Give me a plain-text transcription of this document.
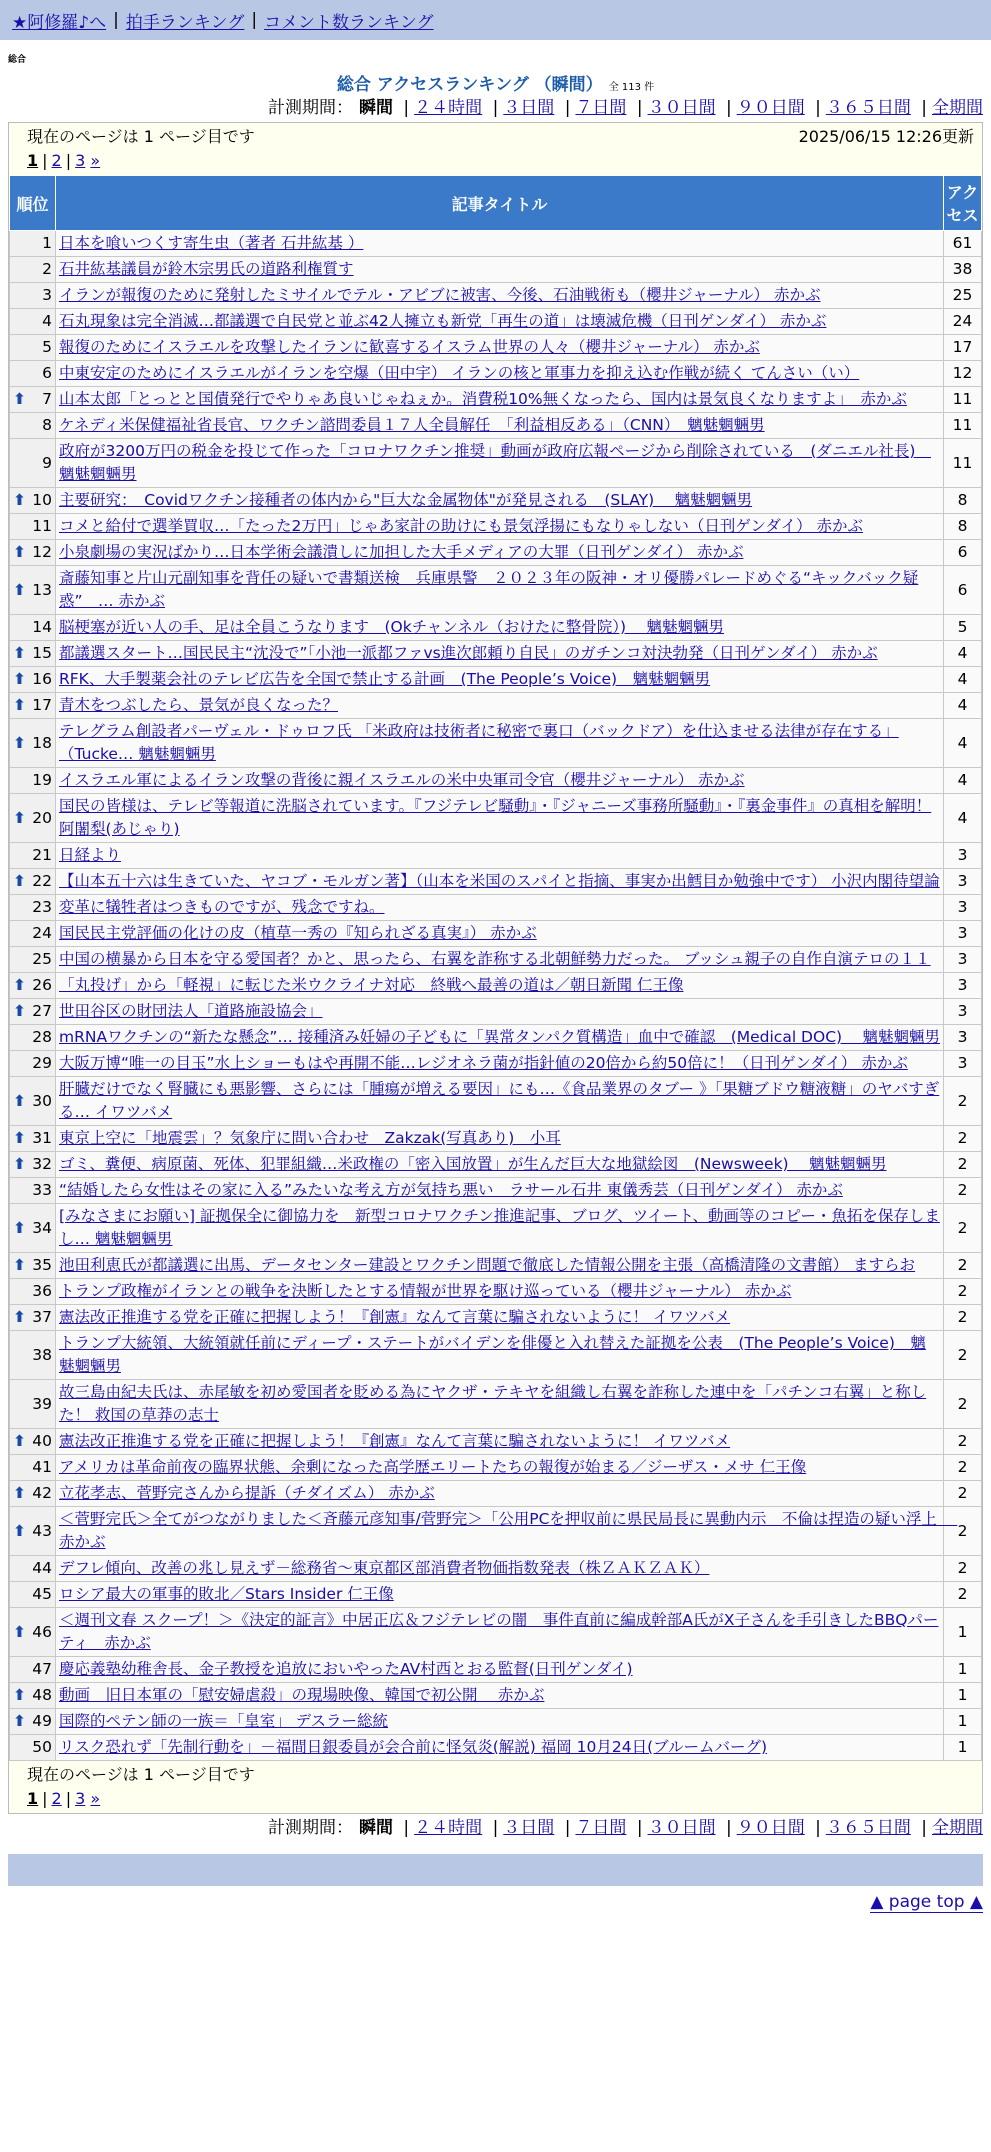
★阿修羅♪へ | 拍手ランキング | コメント数ランキング
総合
総合 アクセスランキング （瞬間） 全 113 件
計測期間： 瞬間 | ２４時間 | ３日間 | ７日間 | ３０日間 | ９０日間 | ３６５日間 | 全期間
現在のページは 1 ページ目です	2025/06/15 12:26更新
1 | 2 | 3 »
順位	記事タイトル	アクセス
1	日本を喰いつくす寄生虫（著者 石井紘基 ）	61
2	石井紘基議員が鈴木宗男氏の道路利権質す	38
3	イランが報復のために発射したミサイルでテル・アビブに被害、今後、石油戦術も（櫻井ジャーナル） 赤かぶ	25
4	石丸現象は完全消滅…都議選で自民党と並ぶ42人擁立も新党「再生の道」は壊滅危機（日刊ゲンダイ） 赤かぶ	24
5	報復のためにイスラエルを攻撃したイランに歓喜するイスラム世界の人々（櫻井ジャーナル） 赤かぶ	17
6	中東安定のためにイスラエルがイランを空爆（田中宇） イランの核と軍事力を抑え込む作戦が続く てんさい（い）	12

⬆ 7	山本太郎「とっとと国債発行でやりゃあ良いじゃねぇか。消費税10%無くなったら、国内は景気良くなりますよ」　赤かぶ	11
8	ケネディ米保健福祉省長官、ワクチン諮問委員１７人全員解任　「利益相反ある」（CNN）　魑魅魍魎男	11
9	政府が3200万円の税金を投じて作った「コロナワクチン推奨」動画が政府広報ページから削除されている　(ダニエル社長)　魑魅魍魎男	11

⬆ 10	主要研究：　Covidワクチン接種者の体内から"巨大な金属物体"が発見される　(SLAY)　 魑魅魍魎男	8
11	コメと給付で選挙買収…「たった2万円」じゃあ家計の助けにも景気浮揚にもなりゃしない（日刊ゲンダイ） 赤かぶ	8

⬆ 12	小泉劇場の実況ばかり…日本学術会議潰しに加担した大手メディアの大罪（日刊ゲンダイ） 赤かぶ	6

⬆ 13	斎藤知事と片山元副知事を背任の疑いで書類送検　兵庫県警　２０２３年の阪神・オリ優勝パレードめぐる“キックバック疑惑”　… 赤かぶ	6
14	脳梗塞が近い人の手、足は全員こうなります　(Okチャンネル（おけたに整骨院）)　 魑魅魍魎男	5

⬆ 15	都議選スタート…国民民主“沈没で”「小池一派都ファvs進次郎頼り自民」のガチンコ対決勃発（日刊ゲンダイ） 赤かぶ	4

⬆ 16	RFK、大手製薬会社のテレビ広告を全国で禁止する計画　(The People’s Voice)　魑魅魍魎男	4

⬆ 17	青木をつぶしたら、景気が良くなった？	4

⬆ 18	テレグラム創設者パーヴェル・ドゥロフ氏 「米政府は技術者に秘密で裏口（バックドア）を仕込ませる法律が存在する」 （Tucke… 魑魅魍魎男	4
19	イスラエル軍によるイラン攻撃の背後に親イスラエルの米中央軍司令官（櫻井ジャーナル） 赤かぶ	4

⬆ 20	国民の皆様は、テレビ等報道に洗脳されています。『フジテレビ騒動』・『ジャニーズ事務所騒動』・『裏金事件』の真相を解明！ 阿闍梨(あじゃり)	4
21	日経より	3

⬆ 22	【山本五十六は生きていた、ヤコブ・モルガン著】（山本を米国のスパイと指摘、事実か出鱈目か勉強中です） 小沢内閣待望論	3
23	変革に犠牲者はつきものですが、残念ですね。	3
24	国民民主党評価の化けの皮（植草一秀の『知られざる真実』） 赤かぶ	3
25	中国の横暴から日本を守る愛国者？かと、思ったら、右翼を詐称する北朝鮮勢力だった。 ブッシュ親子の自作自演テロの１１	3

⬆ 26	「丸投げ」から「軽視」に転じた米ウクライナ対応　終戦へ最善の道は／朝日新聞 仁王像	3

⬆ 27	世田谷区の財団法人「道路施設協会」	3
28	mRNAワクチンの“新たな懸念”… 接種済み妊婦の子どもに「異常タンパク質構造」血中で確認　(Medical DOC)　 魑魅魍魎男	3
29	大阪万博“唯一の目玉”水上ショーもはや再開不能…レジオネラ菌が指針値の20倍から約50倍に！（日刊ゲンダイ） 赤かぶ	3

⬆ 30	肝臓だけでなく腎臓にも悪影響、さらには「腫瘍が増える要因」にも…《食品業界のタブー 》「果糖ブドウ糖液糖」のヤバすぎる… イワツバメ	2

⬆ 31	東京上空に「地震雲」？気象庁に問い合わせ　Zakzak(写真あり)　小耳	2

⬆ 32	ゴミ、糞便、病原菌、死体、犯罪組織…米政権の「密入国放置」が生んだ巨大な地獄絵図　(Newsweek)　 魑魅魍魎男	2
33	“結婚したら女性はその家に入る”みたいな考え方が気持ち悪い　ラサール石井 東儀秀芸（日刊ゲンダイ） 赤かぶ	2

⬆ 34	[みなさまにお願い] 証拠保全に御協力を　新型コロナワクチン推進記事、ブログ、ツイート、動画等のコピー・魚拓を保存しまし… 魑魅魍魎男	2

⬆ 35	池田利恵氏が都議選に出馬、データセンター建設とワクチン問題で徹底した情報公開を主張（高橋清隆の文書館） ますらお	2
36	トランプ政権がイランとの戦争を決断したとする情報が世界を駆け巡っている（櫻井ジャーナル） 赤かぶ	2

⬆ 37	憲法改正推進する党を正確に把握しよう！『創憲』なんて言葉に騙されないように！ イワツバメ	2
38	トランプ大統領、大統領就任前にディープ・ステートがバイデンを俳優と入れ替えた証拠を公表　(The People’s Voice)　魑魅魍魎男	2
39	故三島由紀夫氏は、赤尾敏を初め愛国者を貶める為にヤクザ・テキヤを組織し右翼を詐称した連中を「パチンコ右翼」と称した！ 救国の草莽の志士	2

⬆ 40	憲法改正推進する党を正確に把握しよう！『創憲』なんて言葉に騙されないように！ イワツバメ	2
41	アメリカは革命前夜の臨界状態、余剰になった高学歴エリートたちの報復が始まる／ジーザス・メサ 仁王像	2

⬆ 42	立花孝志、菅野完さんから提訴（チダイズム） 赤かぶ	2

⬆ 43	＜菅野完氏＞全てがつながりました＜斉藤元彦知事/菅野完＞「公用PCを押収前に県民局長に異動内示　不倫は捏造の疑い浮上　 赤かぶ	2
44	デフレ傾向、改善の兆し見えず－総務省～東京都区部消費者物価指数発表（株ＺＡＫＺＡＫ）	2
45	ロシア最大の軍事的敗北／Stars Insider 仁王像	2

⬆ 46	＜週刊文春 スクープ！＞《決定的証言》中居正広＆フジテレビの闇　事件直前に編成幹部A氏がX子さんを手引きしたBBQパーティ　赤かぶ	1
47	慶応義塾幼稚舎長、金子教授を追放においやったAV村西とおる監督(日刊ゲンダイ)	1

⬆ 48	動画　旧日本軍の「慰安婦虐殺」の現場映像、韓国で初公開　 赤かぶ	1

⬆ 49	国際的ペテン師の一族＝「皇室」 デスラー総統	1
50	リスク恐れず「先制行動を」－福間日銀委員が会合前に怪気炎(解説) 福岡 10月24日(ブルームバーグ)	1
現在のページは 1 ページ目です
1 | 2 | 3 »
計測期間： 瞬間 | ２４時間 | ３日間 | ７日間 | ３０日間 | ９０日間 | ３６５日間 | 全期間
▲ page top ▲
